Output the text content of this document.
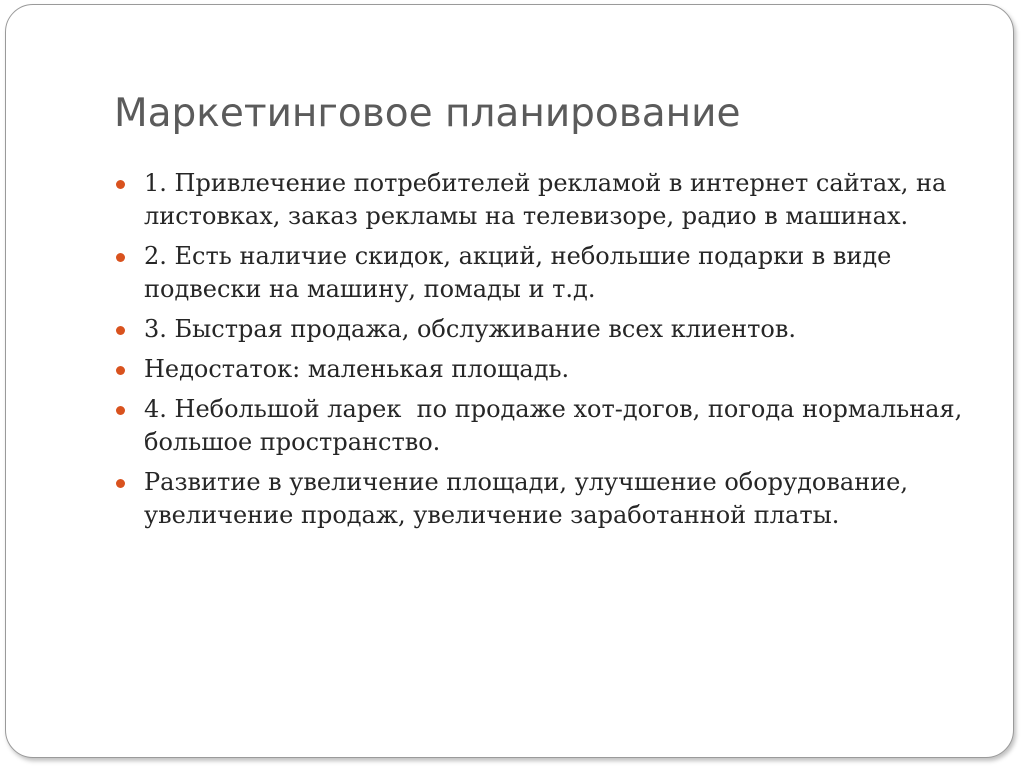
Маркетинговое планирование
1. Привлечение потребителей рекламой в интернет сайтах, на листовках, заказ рекламы на телевизоре, радио в машинах.
2. Есть наличие скидок, акций, небольшие подарки в виде подвески на машину, помады и т.д.
3. Быстрая продажа, обслуживание всех клиентов.
Недостаток: маленькая площадь.
4. Небольшой ларек  по продаже хот-догов, погода нормальная, большое пространство.
Развитие в увеличение площади, улучшение оборудование, увеличение продаж, увеличение заработанной платы.
